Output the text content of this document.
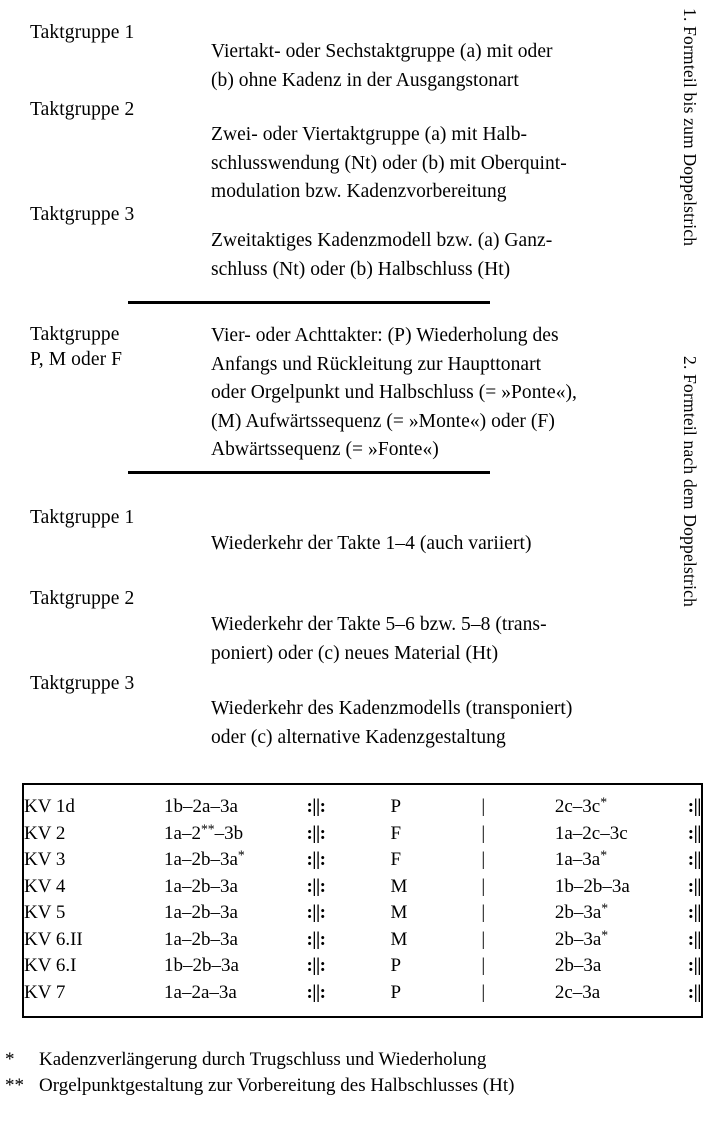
Taktgruppe 1
Viertakt- oder Sechstaktgruppe (a) mit oder
(b) ohne Kadenz in der Ausgangstonart
Taktgruppe 2
Zwei- oder Viertaktgruppe (a) mit Halb-
schlusswendung (Nt) oder (b) mit Oberquint-
modulation bzw. Kadenzvorbereitung
Taktgruppe 3
Zweitaktiges Kadenzmodell bzw. (a) Ganz-
schluss (Nt) oder (b) Halbschluss (Ht)
1. Formteil bis zum Doppelstrich
Taktgruppe
P, M oder F
Vier- oder Achttakter: (P) Wiederholung des
Anfangs und Rückleitung zur Haupttonart
oder Orgelpunkt und Halbschluss (= »Ponte«),
(M) Aufwärtssequenz (= »Monte«) oder (F)
Abwärtssequenz (= »Fonte«)	2. Formteil nach dem Doppelstrich
Taktgruppe 1
Wiederkehr der Takte 1–4 (auch variiert)
Taktgruppe 2
Wiederkehr der Takte 5–6 bzw. 5–8 (trans-
poniert) oder (c) neues Material (Ht)
Taktgruppe 3
Wiederkehr des Kadenzmodells (transponiert)
oder (c) alternative Kadenzgestaltung
KV 1d	1b–2a–3a	:||:	P	|	2c–3c*	:||
KV 2	1a–2**–3b	:||:	F	|	1a–2c–3c	:||
KV 3	1a–2b–3a*	:||:	F	|	1a–3a*	:||
KV 4	1a–2b–3a	:||:	M	|	1b–2b–3a	:||
KV 5	1a–2b–3a	:||:	M	|	2b–3a*	:||
KV 6.II	1a–2b–3a	:||:	M	|	2b–3a*	:||
KV 6.I	1b–2b–3a	:||:	P	|	2b–3a	:||
KV 7	1a–2a–3a	:||:	P	|	2c–3a	:||
* Kadenzverlängerung durch Trugschluss und Wiederholung
** Orgelpunktgestaltung zur Vorbereitung des Halbschlusses (Ht)
